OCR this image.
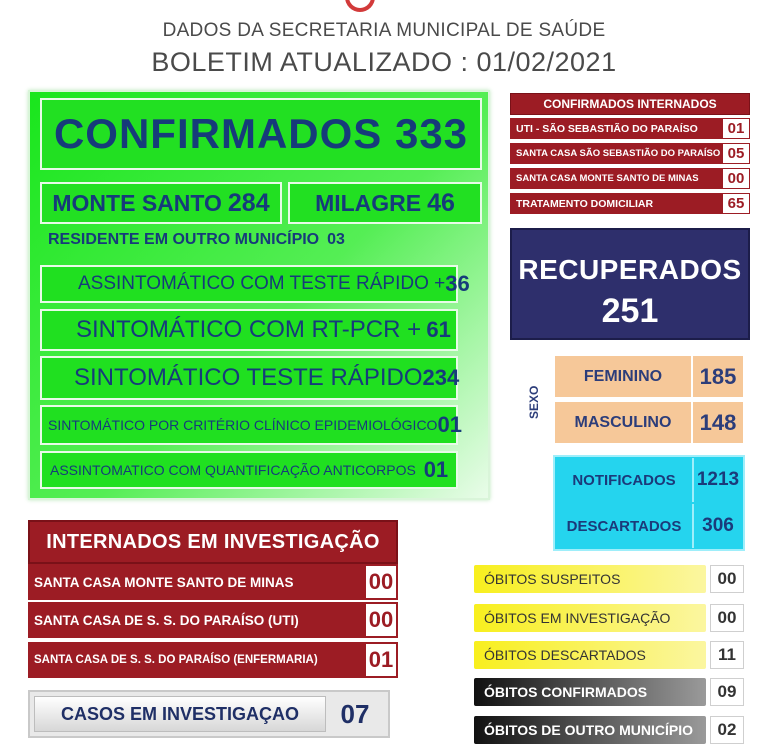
DADOS DA SECRETARIA MUNICIPAL DE SAÚDE
BOLETIM ATUALIZADO : 01/02/2021
CONFIRMADOS 333
MONTE SANTO 284 MILAGRE 46
RESIDENTE EM OUTRO MUNICÍPIO 03
ASSINTOMÁTICO COM TESTE RÁPIDO + 36
SINTOMÁTICO COM RT-PCR + 61
SINTOMÁTICO TESTE RÁPIDO 234
SINTOMÁTICO POR CRITÉRIO CLÍNICO EPIDEMIOLÓGICO 01
ASSINTOMATICO COM QUANTIFICAÇÃO ANTICORPOS 01
CONFIRMADOS INTERNADOS
UTI - SÃO SEBASTIÃO DO PARAÍSO	01
SANTA CASA SÃO SEBASTIÃO DO PARAÍSO 05
SANTA CASA MONTE SANTO DE MINAS	00
TRATAMENTO DOMICILIAR	65
RECUPERADOS
251
SEXO
FEMININO	185
MASCULINO	148
NOTIFICADOS	1213
DESCARTADOS	306
INTERNADOS EM INVESTIGAÇÃO
SANTA CASA MONTE SANTO DE MINAS	00
SANTA CASA DE S. S. DO PARAÍSO (UTI)	00
SANTA CASA DE S. S. DO PARAÍSO (ENFERMARIA)	01
CASOS EM INVESTIGAÇAO	07
ÓBITOS SUSPEITOS	00
ÓBITOS EM INVESTIGAÇÃO	00
ÓBITOS DESCARTADOS	11
ÓBITOS CONFIRMADOS	09
ÓBITOS DE OUTRO MUNICÍPIO	02
